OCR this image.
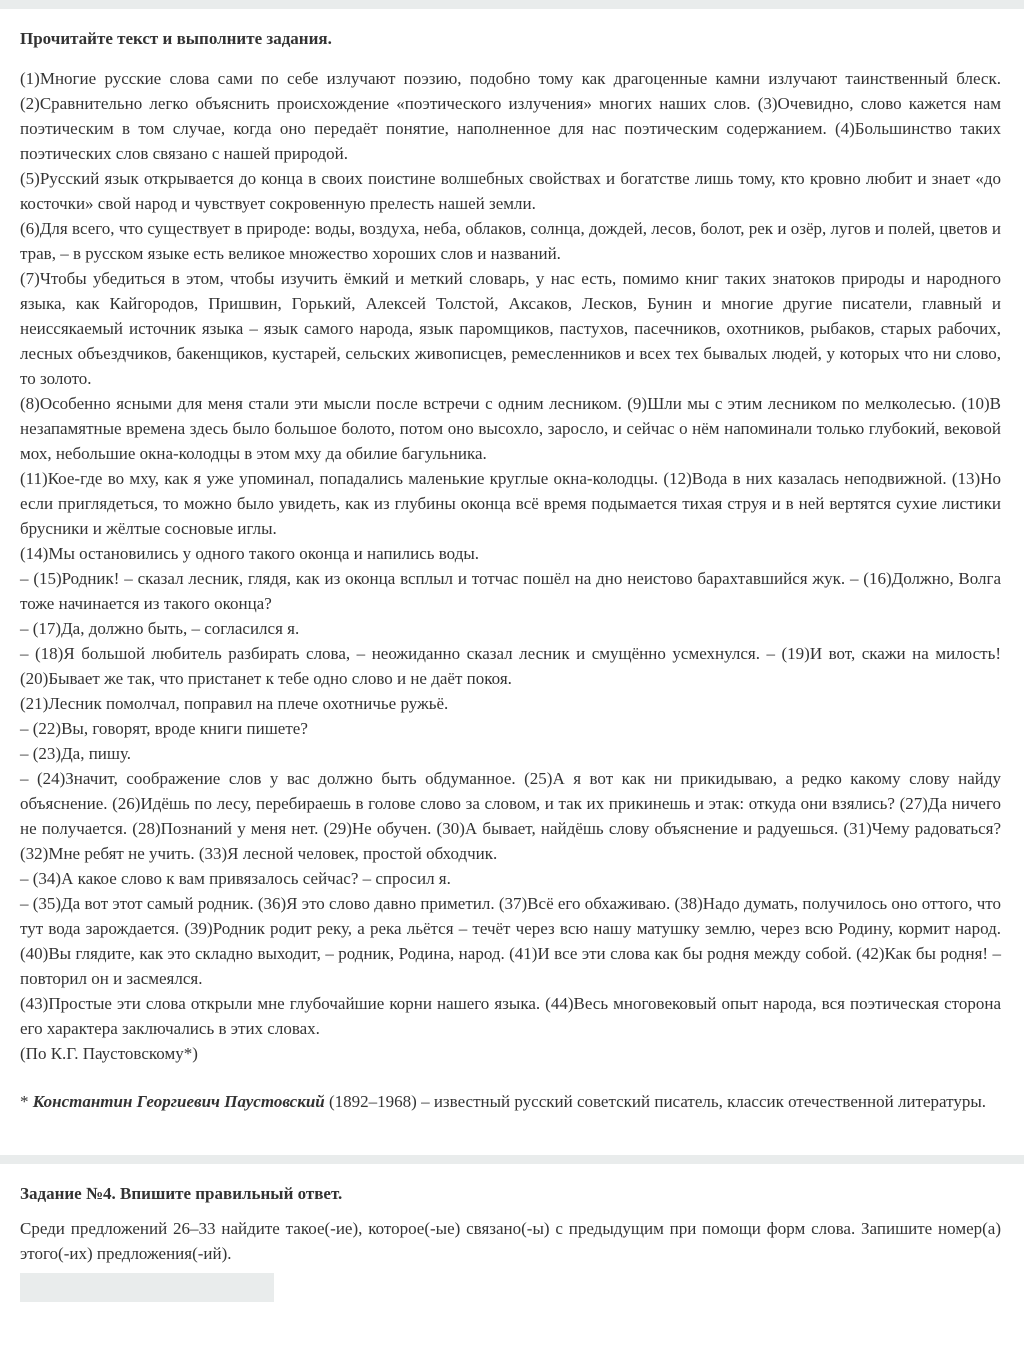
Прочитайте текст и выполните задания.

(1)Многие русские слова сами по себе излучают поэзию, подобно тому как драгоценные камни излучают таинственный блеск. (2)Сравнительно легко объяснить происхождение «поэтического излучения» многих наших слов. (3)Очевидно, слово кажется нам поэтическим в том случае, когда оно передаёт понятие, наполненное для нас поэтическим содержанием. (4)Большинство таких поэтических слов связано с нашей природой.

(5)Русский язык открывается до конца в своих поистине волшебных свойствах и богатстве лишь тому, кто кровно любит и знает «до косточки» свой народ и чувствует сокровенную прелесть нашей земли.

(6)Для всего, что существует в природе: воды, воздуха, неба, облаков, солнца, дождей, лесов, болот, рек и озёр, лугов и полей, цветов и трав, – в русском языке есть великое множество хороших слов и названий.

(7)Чтобы убедиться в этом, чтобы изучить ёмкий и меткий словарь, у нас есть, помимо книг таких знатоков природы и народного языка, как Кайгородов, Пришвин, Горький, Алексей Толстой, Аксаков, Лесков, Бунин и многие другие писатели, главный и неиссякаемый источник языка – язык самого народа, язык паромщиков, пастухов, пасечников, охотников, рыбаков, старых рабочих, лесных объездчиков, бакенщиков, кустарей, сельских живописцев, ремесленников и всех тех бывалых людей, у которых что ни слово, то золото.

(8)Особенно ясными для меня стали эти мысли после встречи с одним лесником. (9)Шли мы с этим лесником по мелколесью. (10)В незапамятные времена здесь было большое болото, потом оно высохло, заросло, и сейчас о нём напоминали только глубокий, вековой мох, небольшие окна-колодцы в этом мху да обилие багульника.

(11)Кое-где во мху, как я уже упоминал, попадались маленькие круглые окна-колодцы. (12)Вода в них казалась неподвижной. (13)Но если приглядеться, то можно было увидеть, как из глубины оконца всё время подымается тихая струя и в ней вертятся сухие листики брусники и жёлтые сосновые иглы.

(14)Мы остановились у одного такого оконца и напились воды.

– (15)Родник! – сказал лесник, глядя, как из оконца всплыл и тотчас пошёл на дно неистово барахтавшийся жук. – (16)Должно, Волга тоже начинается из такого оконца?

– (17)Да, должно быть, – согласился я.

– (18)Я большой любитель разбирать слова, – неожиданно сказал лесник и смущённо усмехнулся. – (19)И вот, скажи на милость! (20)Бывает же так, что пристанет к тебе одно слово и не даёт покоя.

(21)Лесник помолчал, поправил на плече охотничье ружьё.

– (22)Вы, говорят, вроде книги пишете?

– (23)Да, пишу.

– (24)Значит, соображение слов у вас должно быть обдуманное. (25)А я вот как ни прикидываю, а редко какому слову найду объяснение. (26)Идёшь по лесу, перебираешь в голове слово за словом, и так их прикинешь и этак: откуда они взялись? (27)Да ничего не получается. (28)Познаний у меня нет. (29)Не обучен. (30)А бывает, найдёшь слову объяснение и радуешься. (31)Чему радоваться? (32)Мне ребят не учить. (33)Я лесной человек, простой обходчик.

– (34)А какое слово к вам привязалось сейчас? – спросил я.

– (35)Да вот этот самый родник. (36)Я это слово давно приметил. (37)Всё его обхаживаю. (38)Надо думать, получилось оно оттого, что тут вода зарождается. (39)Родник родит реку, а река льётся – течёт через всю нашу матушку землю, через всю Родину, кормит народ. (40)Вы глядите, как это складно выходит, – родник, Родина, народ. (41)И все эти слова как бы родня между собой. (42)Как бы родня! – повторил он и засмеялся.

(43)Простые эти слова открыли мне глубочайшие корни нашего языка. (44)Весь многовековый опыт народа, вся поэтическая сторона его характера заключались в этих словах.

(По К.Г. Паустовскому*)

* Константин Георгиевич Паустовский (1892–1968) – известный русский советский писатель, классик отечественной литературы.
Задание №4. Впишите правильный ответ.
Среди предложений 26–33 найдите такое(-ие), которое(-ые) связано(-ы) с предыдущим при помощи форм слова. Запишите номер(а) этого(-их) предложения(-ий).
